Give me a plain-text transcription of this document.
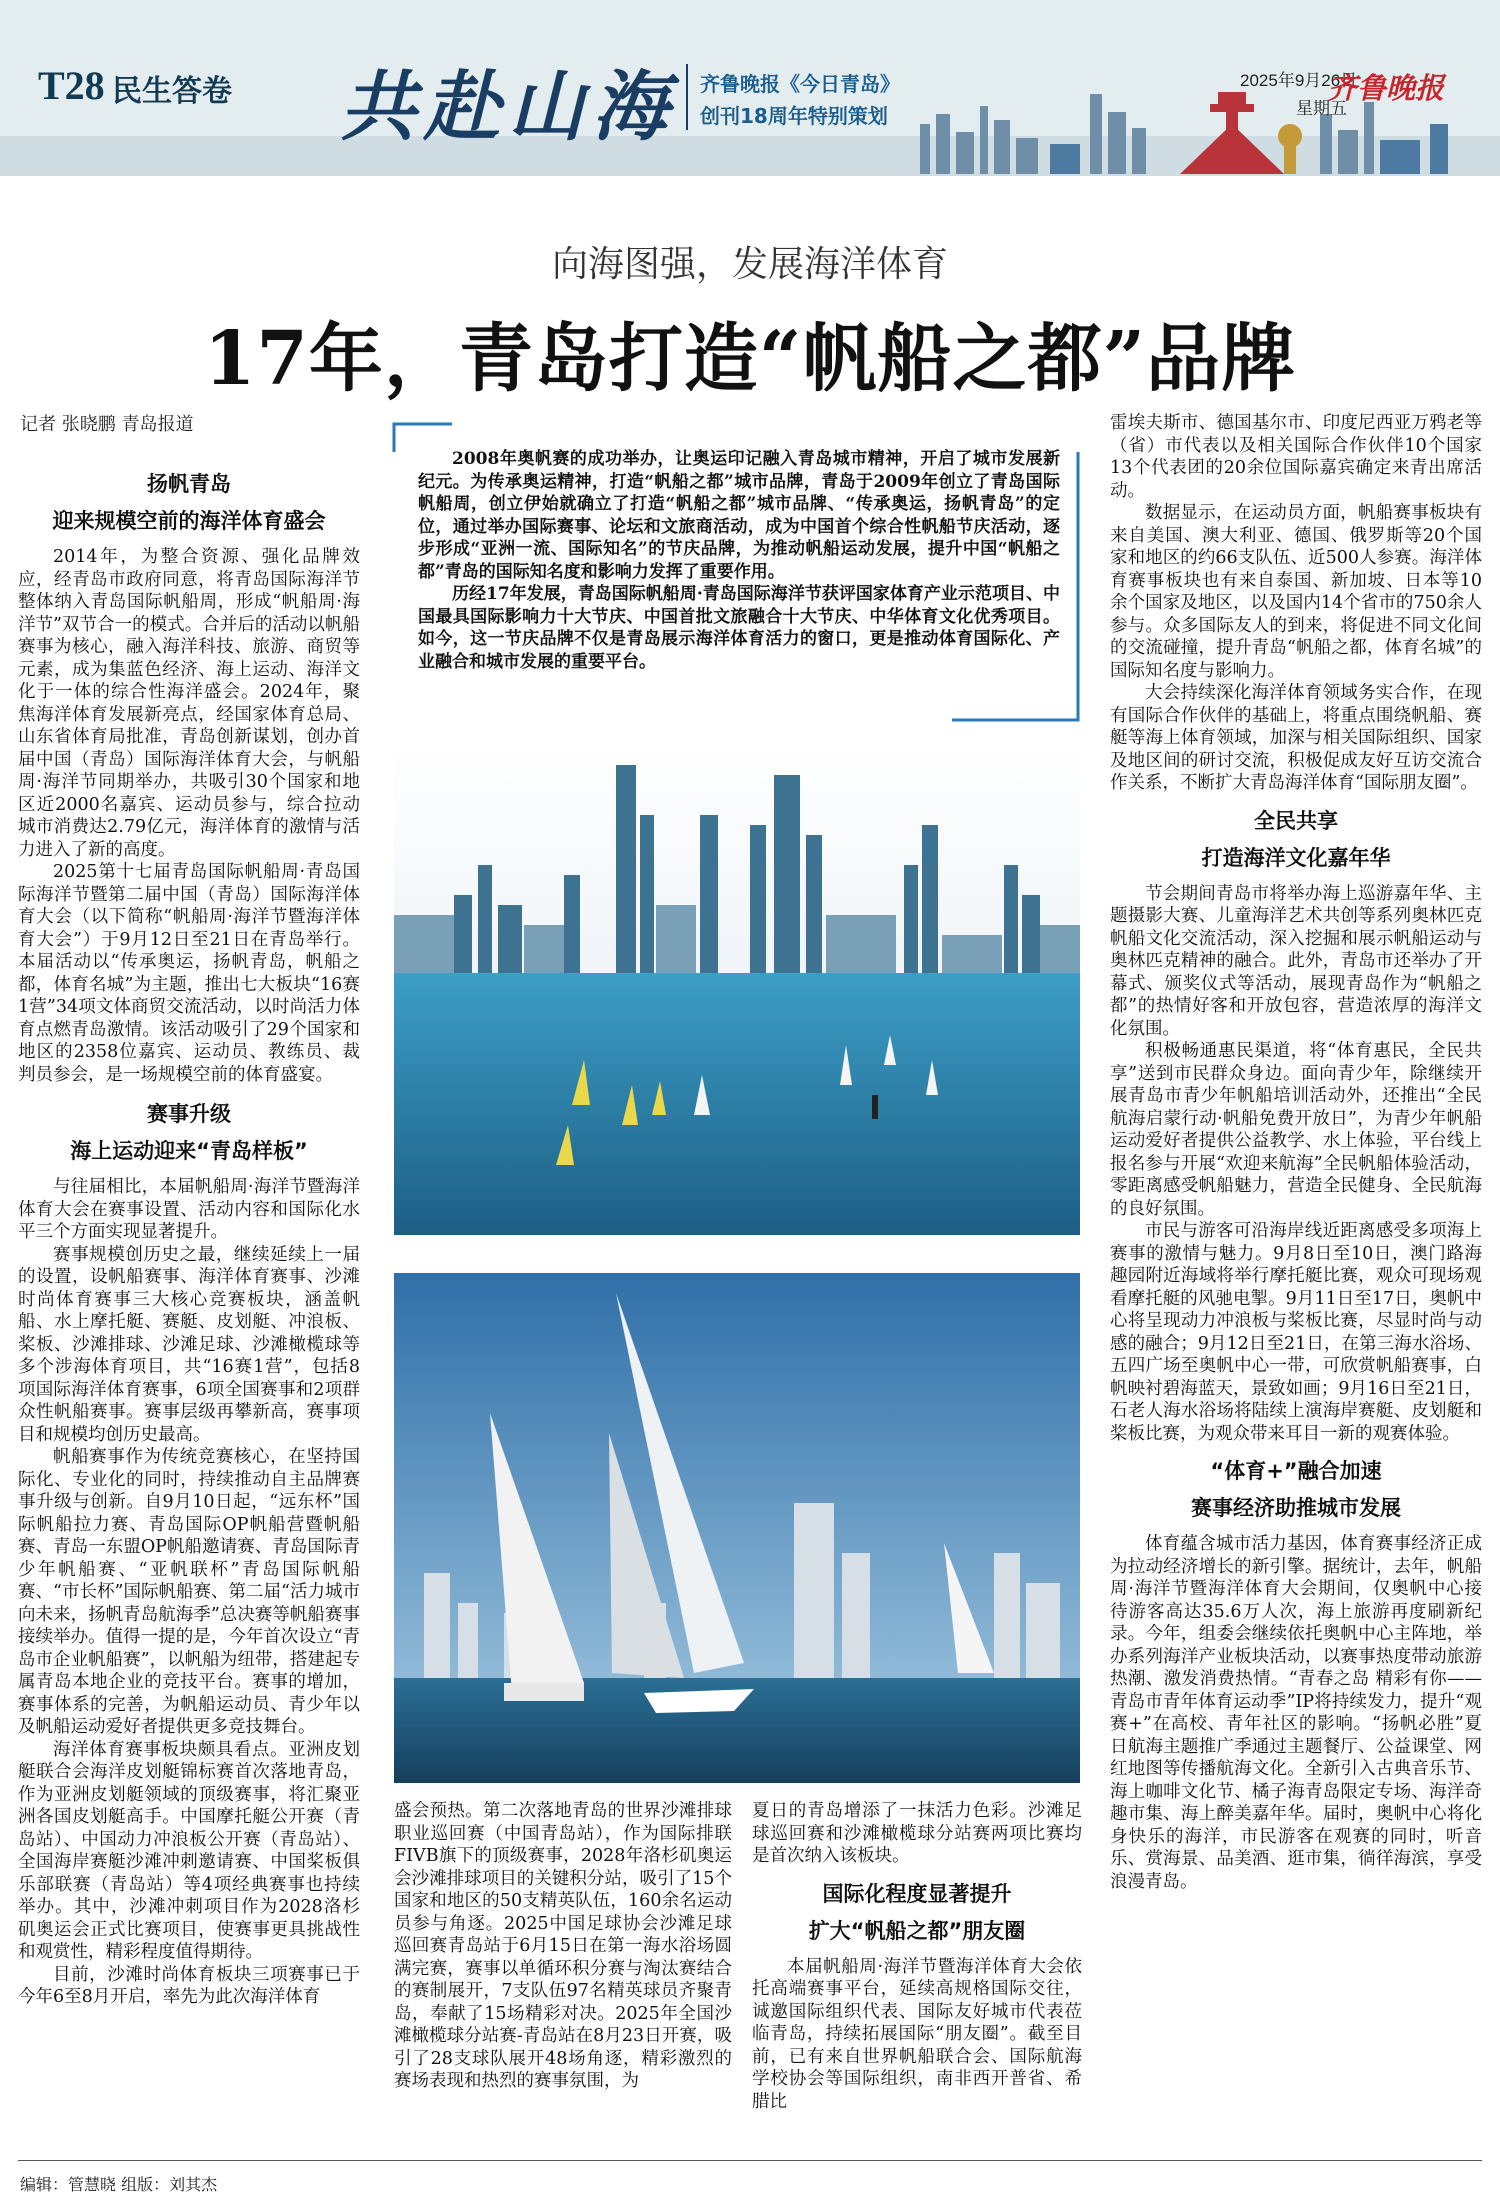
T28 民生答卷 共赴山海 齐鲁晚报《今日青岛》
创刊18周年特别策划
2025年9月26日
星期五
齐鲁晚报
向海图强，发展海洋体育
17年，青岛打造“帆船之都”品牌
记者 张晓鹏 青岛报道
扬帆青岛
迎来规模空前的海洋体育盛会

2014年，为整合资源、强化品牌效应，经青岛市政府同意，将青岛国际海洋节整体纳入青岛国际帆船周，形成“帆船周·海洋节”双节合一的模式。合并后的活动以帆船赛事为核心，融入海洋科技、旅游、商贸等元素，成为集蓝色经济、海上运动、海洋文化于一体的综合性海洋盛会。2024年，聚焦海洋体育发展新亮点，经国家体育总局、山东省体育局批准，青岛创新谋划，创办首届中国（青岛）国际海洋体育大会，与帆船周·海洋节同期举办，共吸引30个国家和地区近2000名嘉宾、运动员参与，综合拉动城市消费达2.79亿元，海洋体育的激情与活力进入了新的高度。

2025第十七届青岛国际帆船周·青岛国际海洋节暨第二届中国（青岛）国际海洋体育大会（以下简称“帆船周·海洋节暨海洋体育大会”）于9月12日至21日在青岛举行。本届活动以“传承奥运，扬帆青岛，帆船之都，体育名城”为主题，推出七大板块“16赛1营”34项文体商贸交流活动，以时尚活力体育点燃青岛激情。该活动吸引了29个国家和地区的2358位嘉宾、运动员、教练员、裁判员参会，是一场规模空前的体育盛宴。

赛事升级
海上运动迎来“青岛样板”

与往届相比，本届帆船周·海洋节暨海洋体育大会在赛事设置、活动内容和国际化水平三个方面实现显著提升。

赛事规模创历史之最，继续延续上一届的设置，设帆船赛事、海洋体育赛事、沙滩时尚体育赛事三大核心竞赛板块，涵盖帆船、水上摩托艇、赛艇、皮划艇、冲浪板、桨板、沙滩排球、沙滩足球、沙滩橄榄球等多个涉海体育项目，共“16赛1营”，包括8项国际海洋体育赛事，6项全国赛事和2项群众性帆船赛事。赛事层级再攀新高，赛事项目和规模均创历史最高。

帆船赛事作为传统竞赛核心，在坚持国际化、专业化的同时，持续推动自主品牌赛事升级与创新。自9月10日起，“远东杯”国际帆船拉力赛、青岛国际OP帆船营暨帆船赛、青岛一东盟OP帆船邀请赛、青岛国际青少年帆船赛、“亚帆联杯”青岛国际帆船赛、“市长杯”国际帆船赛、第二届“活力城市向未来，扬帆青岛航海季”总决赛等帆船赛事接续举办。值得一提的是，今年首次设立“青岛市企业帆船赛”，以帆船为纽带，搭建起专属青岛本地企业的竞技平台。赛事的增加，赛事体系的完善，为帆船运动员、青少年以及帆船运动爱好者提供更多竞技舞台。

海洋体育赛事板块颇具看点。亚洲皮划艇联合会海洋皮划艇锦标赛首次落地青岛，作为亚洲皮划艇领域的顶级赛事，将汇聚亚洲各国皮划艇高手。中国摩托艇公开赛（青岛站）、中国动力冲浪板公开赛（青岛站）、全国海岸赛艇沙滩冲刺邀请赛、中国桨板俱乐部联赛（青岛站）等4项经典赛事也持续举办。其中，沙滩冲刺项目作为2028洛杉矶奥运会正式比赛项目，使赛事更具挑战性和观赏性，精彩程度值得期待。

目前，沙滩时尚体育板块三项赛事已于今年6至8月开启，率先为此次海洋体育

2008年奥帆赛的成功举办，让奥运印记融入青岛城市精神，开启了城市发展新纪元。为传承奥运精神，打造“帆船之都”城市品牌，青岛于2009年创立了青岛国际帆船周，创立伊始就确立了打造“帆船之都”城市品牌、“传承奥运，扬帆青岛”的定位，通过举办国际赛事、论坛和文旅商活动，成为中国首个综合性帆船节庆活动，逐步形成“亚洲一流、国际知名”的节庆品牌，为推动帆船运动发展，提升中国“帆船之都”青岛的国际知名度和影响力发挥了重要作用。

历经17年发展，青岛国际帆船周·青岛国际海洋节获评国家体育产业示范项目、中国最具国际影响力十大节庆、中国首批文旅融合十大节庆、中华体育文化优秀项目。如今，这一节庆品牌不仅是青岛展示海洋体育活力的窗口，更是推动体育国际化、产业融合和城市发展的重要平台。

盛会预热。第二次落地青岛的世界沙滩排球职业巡回赛（中国青岛站），作为国际排联FIVB旗下的顶级赛事，2028年洛杉矶奥运会沙滩排球项目的关键积分站，吸引了15个国家和地区的50支精英队伍，160余名运动员参与角逐。2025中国足球协会沙滩足球巡回赛青岛站于6月15日在第一海水浴场圆满完赛，赛事以单循环积分赛与淘汰赛结合的赛制展开，7支队伍97名精英球员齐聚青岛，奉献了15场精彩对决。2025年全国沙滩橄榄球分站赛-青岛站在8月23日开赛，吸引了28支球队展开48场角逐，精彩激烈的赛场表现和热烈的赛事氛围，为

夏日的青岛增添了一抹活力色彩。沙滩足球巡回赛和沙滩橄榄球分站赛两项比赛均是首次纳入该板块。

国际化程度显著提升
扩大“帆船之都”朋友圈

本届帆船周·海洋节暨海洋体育大会依托高端赛事平台，延续高规格国际交往，诚邀国际组织代表、国际友好城市代表莅临青岛，持续拓展国际“朋友圈”。截至目前，已有来自世界帆船联合会、国际航海学校协会等国际组织，南非西开普省、希腊比

雷埃夫斯市、德国基尔市、印度尼西亚万鸦老等（省）市代表以及相关国际合作伙伴10个国家13个代表团的20余位国际嘉宾确定来青出席活动。

数据显示，在运动员方面，帆船赛事板块有来自美国、澳大利亚、德国、俄罗斯等20个国家和地区的约66支队伍、近500人参赛。海洋体育赛事板块也有来自泰国、新加坡、日本等10余个国家及地区，以及国内14个省市的750余人参与。众多国际友人的到来，将促进不同文化间的交流碰撞，提升青岛“帆船之都，体育名城”的国际知名度与影响力。

大会持续深化海洋体育领域务实合作，在现有国际合作伙伴的基础上，将重点围绕帆船、赛艇等海上体育领域，加深与相关国际组织、国家及地区间的研讨交流，积极促成友好互访交流合作关系，不断扩大青岛海洋体育“国际朋友圈”。

全民共享
打造海洋文化嘉年华

节会期间青岛市将举办海上巡游嘉年华、主题摄影大赛、儿童海洋艺术共创等系列奥林匹克帆船文化交流活动，深入挖掘和展示帆船运动与奥林匹克精神的融合。此外，青岛市还举办了开幕式、颁奖仪式等活动，展现青岛作为“帆船之都”的热情好客和开放包容，营造浓厚的海洋文化氛围。

积极畅通惠民渠道，将“体育惠民，全民共享”送到市民群众身边。面向青少年，除继续开展青岛市青少年帆船培训活动外，还推出“全民航海启蒙行动·帆船免费开放日”，为青少年帆船运动爱好者提供公益教学、水上体验，平台线上报名参与开展“欢迎来航海”全民帆船体验活动，零距离感受帆船魅力，营造全民健身、全民航海的良好氛围。

市民与游客可沿海岸线近距离感受多项海上赛事的激情与魅力。9月8日至10日，澳门路海趣园附近海域将举行摩托艇比赛，观众可现场观看摩托艇的风驰电掣。9月11日至17日，奥帆中心将呈现动力冲浪板与桨板比赛，尽显时尚与动感的融合；9月12日至21日，在第三海水浴场、五四广场至奥帆中心一带，可欣赏帆船赛事，白帆映衬碧海蓝天，景致如画；9月16日至21日，石老人海水浴场将陆续上演海岸赛艇、皮划艇和桨板比赛，为观众带来耳目一新的观赛体验。

“体育+”融合加速
赛事经济助推城市发展

体育蕴含城市活力基因，体育赛事经济正成为拉动经济增长的新引擎。据统计，去年，帆船周·海洋节暨海洋体育大会期间，仅奥帆中心接待游客高达35.6万人次，海上旅游再度刷新纪录。今年，组委会继续依托奥帆中心主阵地，举办系列海洋产业板块活动，以赛事热度带动旅游热潮、激发消费热情。“青春之岛 精彩有你——青岛市青年体育运动季”IP将持续发力，提升“观赛+”在高校、青年社区的影响。“扬帆必胜”夏日航海主题推广季通过主题餐厅、公益课堂、网红地图等传播航海文化。全新引入古典音乐节、海上咖啡文化节、橘子海青岛限定专场、海洋奇趣市集、海上醉美嘉年华。届时，奥帆中心将化身快乐的海洋，市民游客在观赛的同时，听音乐、赏海景、品美酒、逛市集，徜徉海滨，享受浪漫青岛。

编辑：管慧晓 组版：刘其杰
